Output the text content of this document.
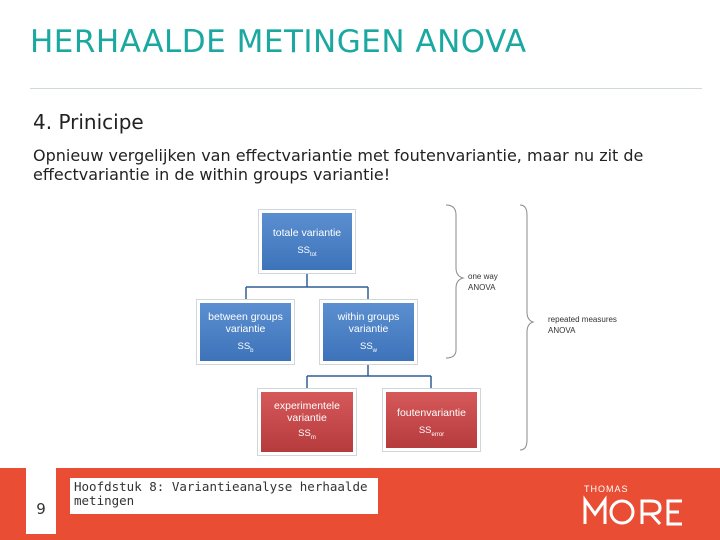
HERHAALDE METINGEN ANOVA
4. Prinicipe
Opnieuw vergelijken van effectvariantie met foutenvariantie, maar nu zit de effectvariantie in de within groups variantie!
totale variantie
$SS_{tot}$
between groups variantie
$SS_b$
within groups variantie
$SS_w$
experimentele variantie
$SS_m$
foutenvariantie
$SS_{error}$
one way ANOVA
repeated measures ANOVA
9
Hoofdstuk 8: Variantieanalyse herhaalde metingen
THOMAS
MORE
